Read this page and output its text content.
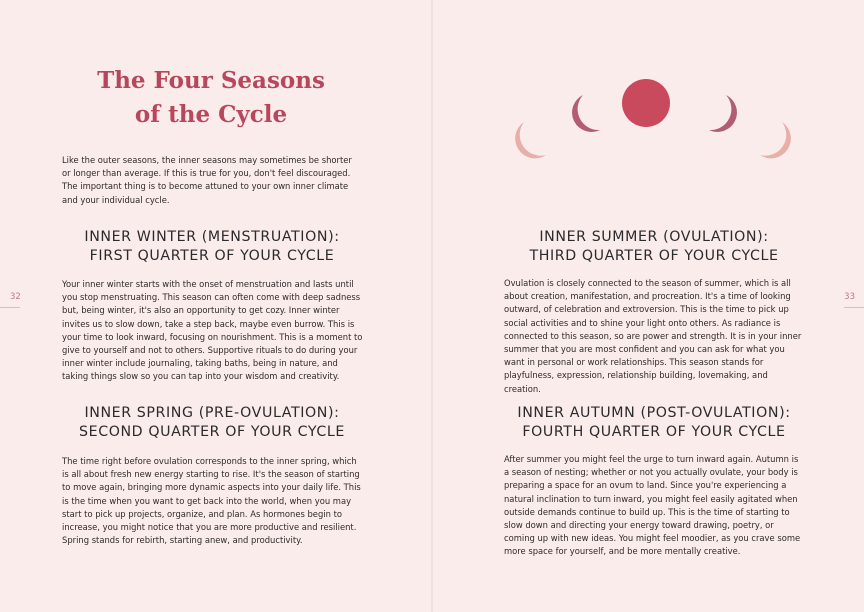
The Four Seasons
of the Cycle

Like the outer seasons, the inner seasons may sometimes be shorter or longer than average. If this is true for you, don't feel discouraged. The important thing is to become attuned to your own inner climate and your individual cycle.

INNER WINTER (MENSTRUATION):
FIRST QUARTER OF YOUR CYCLE

Your inner winter starts with the onset of menstruation and lasts until you stop menstruating. This season can often come with deep sadness but, being winter, it's also an opportunity to get cozy. Inner winter invites us to slow down, take a step back, maybe even burrow. This is your time to look inward, focusing on nourishment. This is a moment to give to yourself and not to others. Supportive rituals to do during your inner winter include journaling, taking baths, being in nature, and taking things slow so you can tap into your wisdom and creativity.

INNER SPRING (PRE-OVULATION):
SECOND QUARTER OF YOUR CYCLE

The time right before ovulation corresponds to the inner spring, which is all about fresh new energy starting to rise. It's the season of starting to move again, bringing more dynamic aspects into your daily life. This is the time when you want to get back into the world, when you may start to pick up projects, organize, and plan. As hormones begin to increase, you might notice that you are more productive and resilient. Spring stands for rebirth, starting anew, and productivity.

32
INNER SUMMER (OVULATION):
THIRD QUARTER OF YOUR CYCLE

Ovulation is closely connected to the season of summer, which is all about creation, manifestation, and procreation. It's a time of looking outward, of celebration and extroversion. This is the time to pick up social activities and to shine your light onto others. As radiance is connected to this season, so are power and strength. It is in your inner summer that you are most confident and you can ask for what you want in personal or work relationships. This season stands for playfulness, expression, relationship building, lovemaking, and creation.

INNER AUTUMN (POST-OVULATION):
FOURTH QUARTER OF YOUR CYCLE

After summer you might feel the urge to turn inward again. Autumn is a season of nesting; whether or not you actually ovulate, your body is preparing a space for an ovum to land. Since you're experiencing a natural inclination to turn inward, you might feel easily agitated when outside demands continue to build up. This is the time of starting to slow down and directing your energy toward drawing, poetry, or coming up with new ideas. You might feel moodier, as you crave some more space for yourself, and be more mentally creative.

33
